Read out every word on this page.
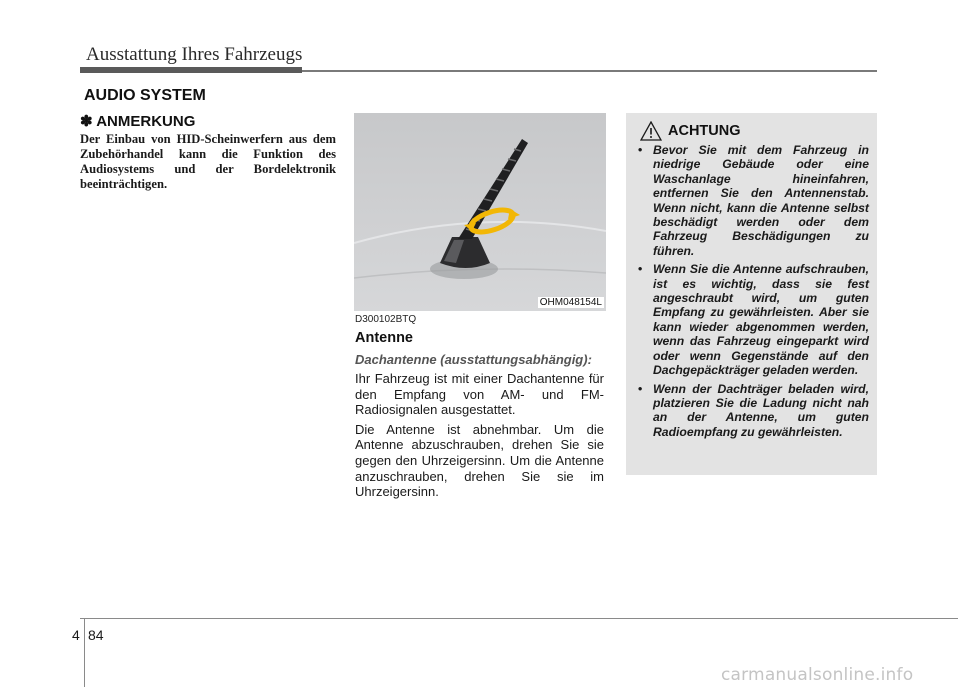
Ausstattung Ihres Fahrzeugs
AUDIO SYSTEM
✽ ANMERKUNG

Der Einbau von HID-Scheinwerfern aus dem Zubehörhandel kann die Funktion des Audiosystems und der Bordelektronik beeinträchtigen.

OHM048154L
D300102BTQ
Antenne
Dachantenne (ausstattungsabhängig):

Ihr Fahrzeug ist mit einer Dachantenne für den Empfang von AM- und FM-Radiosignalen ausgestattet.

Die Antenne ist abnehmbar. Um die Antenne abzuschrauben, drehen Sie sie gegen den Uhrzeigersinn. Um die Antenne anzuschrauben, drehen Sie sie im Uhrzeigersinn.

ACHTUNG
• Bevor Sie mit dem Fahrzeug in niedrige Gebäude oder eine Waschanlage hineinfahren, entfernen Sie den Antennenstab. Wenn nicht, kann die Antenne selbst beschädigt werden oder dem Fahrzeug Beschädigungen zu führen.
• Wenn Sie die Antenne aufschrauben, ist es wichtig, dass sie fest angeschraubt wird, um guten Empfang zu gewährleisten. Aber sie kann wieder abgenommen werden, wenn das Fahrzeug eingeparkt wird oder wenn Gegenstände auf den Dachgepäckträger geladen werden.
• Wenn der Dachträger beladen wird, platzieren Sie die Ladung nicht nah an der Antenne, um guten Radioempfang zu gewährleisten.
4 84
carmanualsonline.info
